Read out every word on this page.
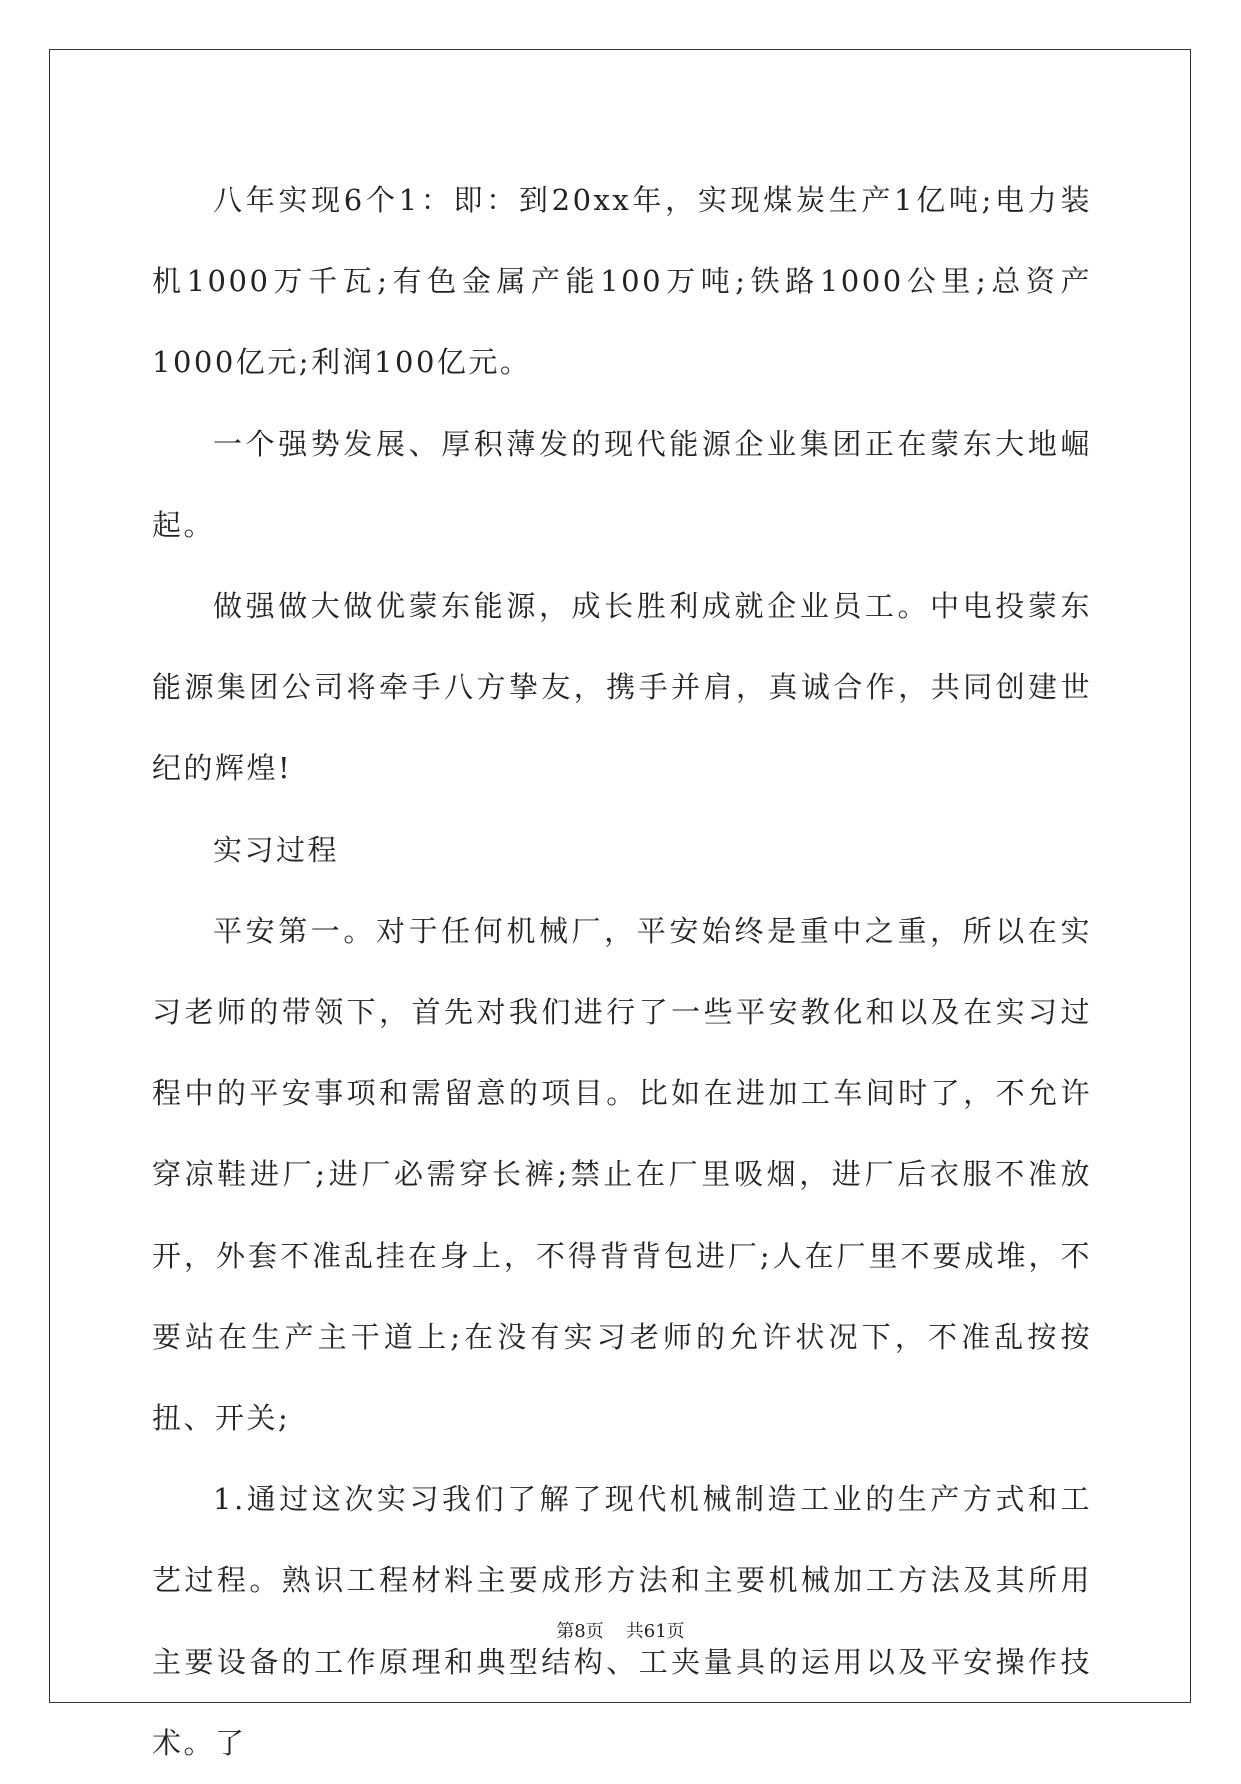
八年实现6个1：即：到20xx年，实现煤炭生产1亿吨;电力装机1000万千瓦;有色金属产能100万吨;铁路1000公里;总资产1000亿元;利润100亿元。

一个强势发展、厚积薄发的现代能源企业集团正在蒙东大地崛起。

做强做大做优蒙东能源，成长胜利成就企业员工。中电投蒙东能源集团公司将牵手八方挚友，携手并肩，真诚合作，共同创建世纪的辉煌!

实习过程

平安第一。对于任何机械厂，平安始终是重中之重，所以在实习老师的带领下，首先对我们进行了一些平安教化和以及在实习过程中的平安事项和需留意的项目。比如在进加工车间时了，不允许穿凉鞋进厂;进厂必需穿长裤;禁止在厂里吸烟，进厂后衣服不准放开，外套不准乱挂在身上，不得背背包进厂;人在厂里不要成堆，不要站在生产主干道上;在没有实习老师的允许状况下，不准乱按按扭、开关;

1.通过这次实习我们了解了现代机械制造工业的生产方式和工艺过程。熟识工程材料主要成形方法和主要机械加工方法及其所用主要设备的工作原理和典型结构、工夹量具的运用以及平安操作技术。了

第8页 共61页
